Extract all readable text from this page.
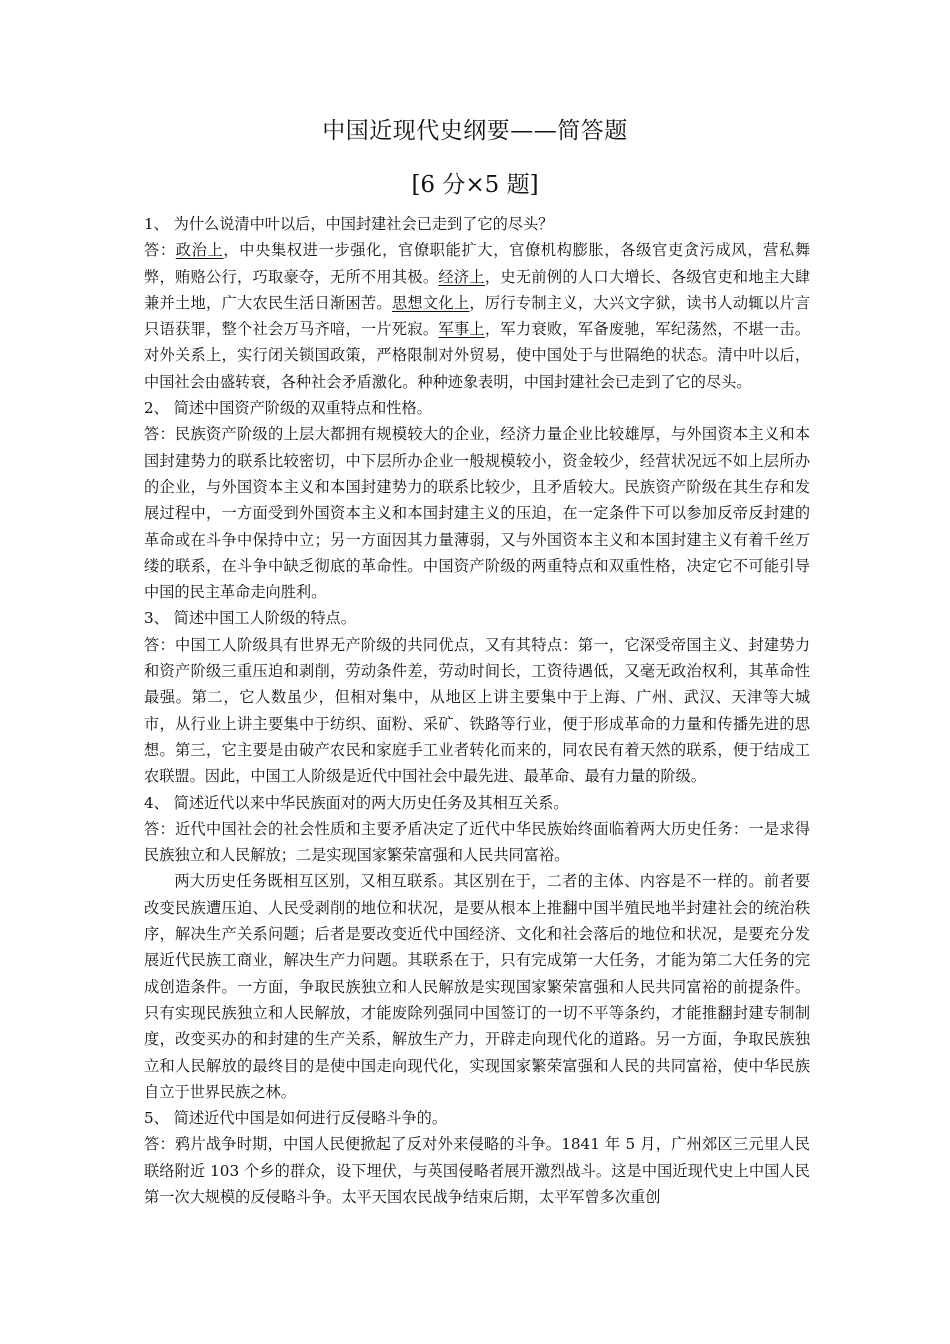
中国近现代史纲要——简答题
[6 分×5 题]

1、 为什么说清中叶以后，中国封建社会已走到了它的尽头？

答：政治上，中央集权进一步强化，官僚职能扩大，官僚机构膨胀，各级官吏贪污成风，营私舞弊，贿赂公行，巧取豪夺，无所不用其极。经济上，史无前例的人口大增长、各级官吏和地主大肆兼并土地，广大农民生活日渐困苦。思想文化上，厉行专制主义，大兴文字狱，读书人动辄以片言只语获罪，整个社会万马齐喑，一片死寂。军事上，军力衰败，军备废驰，军纪荡然，不堪一击。对外关系上，实行闭关锁国政策，严格限制对外贸易，使中国处于与世隔绝的状态。清中叶以后，中国社会由盛转衰，各种社会矛盾激化。种种迹象表明，中国封建社会已走到了它的尽头。

2、 简述中国资产阶级的双重特点和性格。

答：民族资产阶级的上层大都拥有规模较大的企业，经济力量企业比较雄厚，与外国资本主义和本国封建势力的联系比较密切，中下层所办企业一般规模较小，资金较少，经营状况远不如上层所办的企业，与外国资本主义和本国封建势力的联系比较少，且矛盾较大。民族资产阶级在其生存和发展过程中，一方面受到外国资本主义和本国封建主义的压迫，在一定条件下可以参加反帝反封建的革命或在斗争中保持中立；另一方面因其力量薄弱，又与外国资本主义和本国封建主义有着千丝万缕的联系，在斗争中缺乏彻底的革命性。中国资产阶级的两重特点和双重性格，决定它不可能引导中国的民主革命走向胜利。

3、 简述中国工人阶级的特点。

答：中国工人阶级具有世界无产阶级的共同优点，又有其特点：第一，它深受帝国主义、封建势力和资产阶级三重压迫和剥削，劳动条件差，劳动时间长，工资待遇低，又毫无政治权利，其革命性最强。第二，它人数虽少，但相对集中，从地区上讲主要集中于上海、广州、武汉、天津等大城市，从行业上讲主要集中于纺织、面粉、采矿、铁路等行业，便于形成革命的力量和传播先进的思想。第三，它主要是由破产农民和家庭手工业者转化而来的，同农民有着天然的联系，便于结成工农联盟。因此，中国工人阶级是近代中国社会中最先进、最革命、最有力量的阶级。

4、 简述近代以来中华民族面对的两大历史任务及其相互关系。

答：近代中国社会的社会性质和主要矛盾决定了近代中华民族始终面临着两大历史任务：一是求得民族独立和人民解放；二是实现国家繁荣富强和人民共同富裕。

两大历史任务既相互区别，又相互联系。其区别在于，二者的主体、内容是不一样的。前者要改变民族遭压迫、人民受剥削的地位和状况，是要从根本上推翻中国半殖民地半封建社会的统治秩序，解决生产关系问题；后者是要改变近代中国经济、文化和社会落后的地位和状况，是要充分发展近代民族工商业，解决生产力问题。其联系在于，只有完成第一大任务，才能为第二大任务的完成创造条件。一方面，争取民族独立和人民解放是实现国家繁荣富强和人民共同富裕的前提条件。只有实现民族独立和人民解放，才能废除列强同中国签订的一切不平等条约，才能推翻封建专制制度，改变买办的和封建的生产关系，解放生产力，开辟走向现代化的道路。另一方面，争取民族独立和人民解放的最终目的是使中国走向现代化，实现国家繁荣富强和人民的共同富裕，使中华民族自立于世界民族之林。

5、 简述近代中国是如何进行反侵略斗争的。

答：鸦片战争时期，中国人民便掀起了反对外来侵略的斗争。1841 年 5 月，广州郊区三元里人民联络附近 103 个乡的群众，设下埋伏，与英国侵略者展开激烈战斗。这是中国近现代史上中国人民第一次大规模的反侵略斗争。太平天国农民战争结束后期，太平军曾多次重创
